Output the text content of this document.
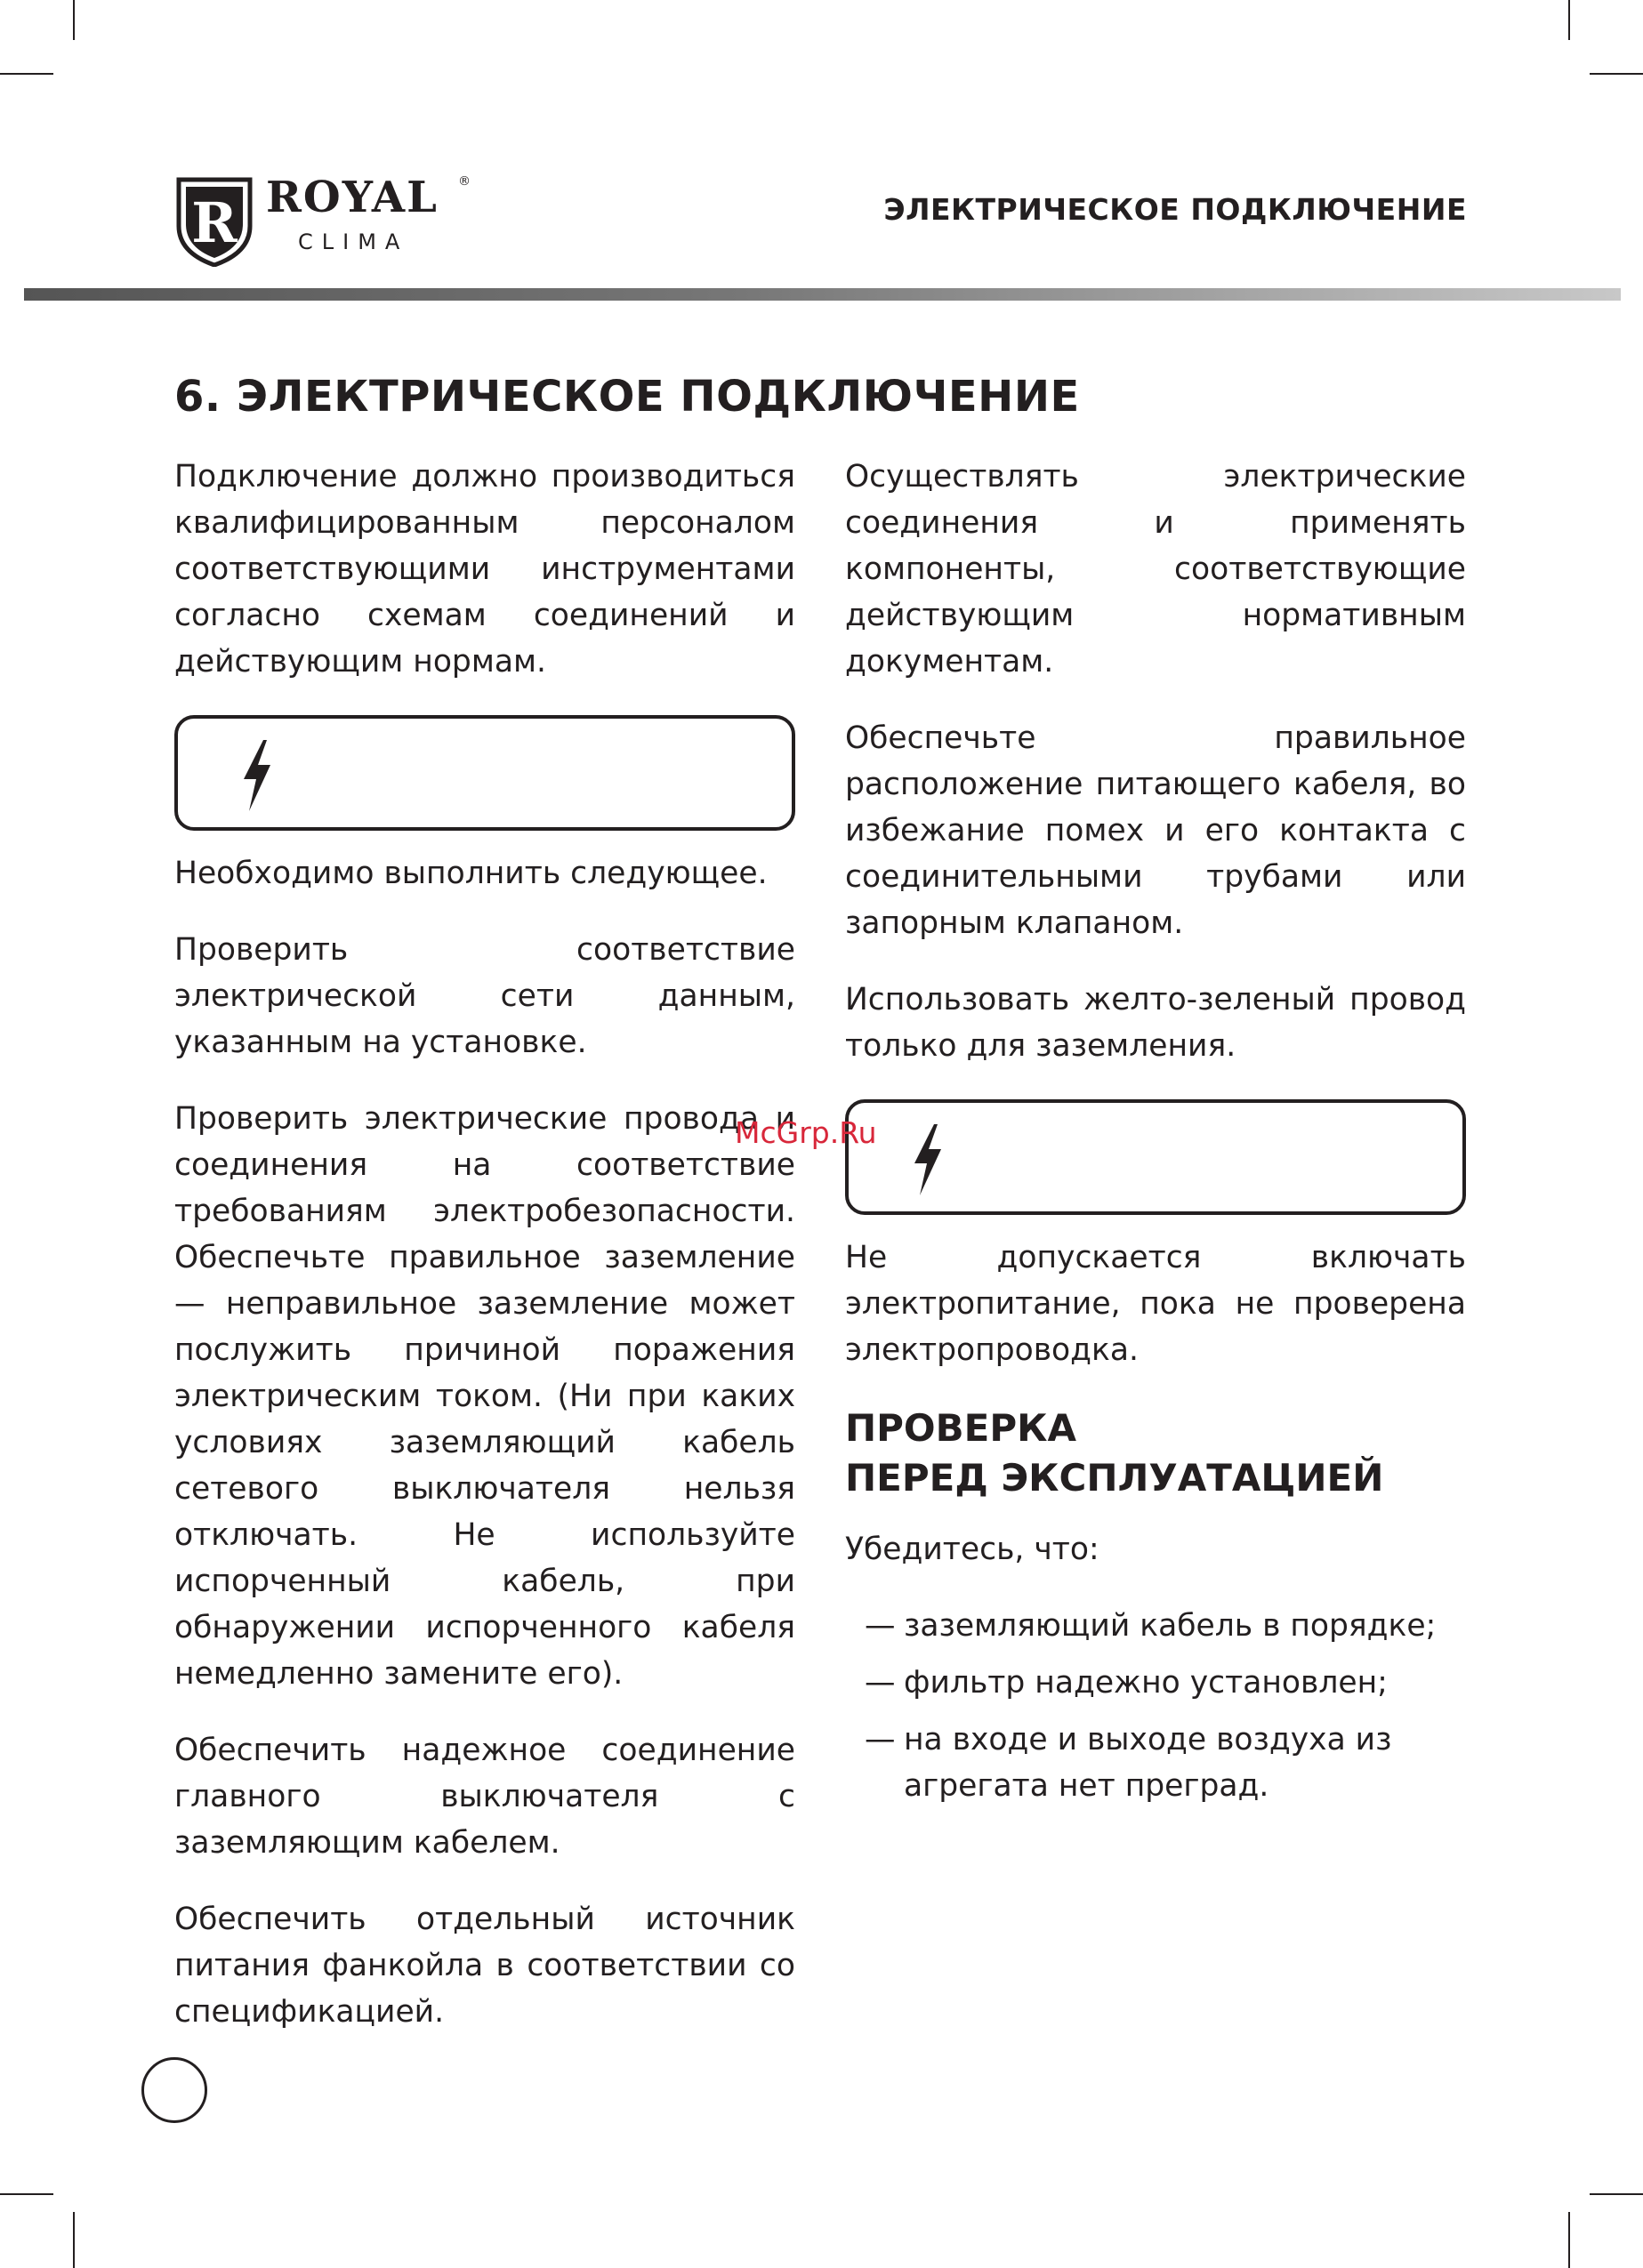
R ROYAL ®
CLIMA
ЭЛЕКТРИЧЕСКОЕ ПОДКЛЮЧЕНИЕ
6. ЭЛЕКТРИЧЕСКОЕ ПОДКЛЮЧЕНИЕ

Подключение должно производиться квалифицированным персоналом соответствующими инструментами согласно схемам соединений и действующим нормам.

Необходимо выполнить следующее.

Проверить соответствие электрической сети данным, указанным на установке.

Проверить электрические провода и соединения на соответствие требованиям электробезопасности. Обеспечьте правильное заземление — неправильное заземление может послужить причиной поражения электрическим током. (Ни при каких условиях заземляющий кабель сетевого выключателя нельзя отключать. Не используйте испорченный кабель, при обнаружении испорченного кабеля немедленно замените его).

Обеспечить надежное соединение главного выключателя с заземляющим кабелем.

Обеспечить отдельный источник питания фанкойла в соответствии со спецификацией.

Осуществлять электрические соединения и применять компоненты, соответствующие действующим нормативным документам.

Обеспечьте правильное расположение питающего кабеля, во избежание помех и его контакта с соединительными трубами или запорным клапаном.

Использовать желто-зеленый провод только для заземления.

Не допускается включать электропитание, пока не проверена электропроводка.

ПРОВЕРКА
ПЕРЕД ЭКСПЛУАТАЦИЕЙ

Убедитесь, что:

— заземляющий кабель в порядке;
— фильтр надежно установлен;
— на входе и выходе воздуха из агрегата нет преград.
McGrp.Ru
